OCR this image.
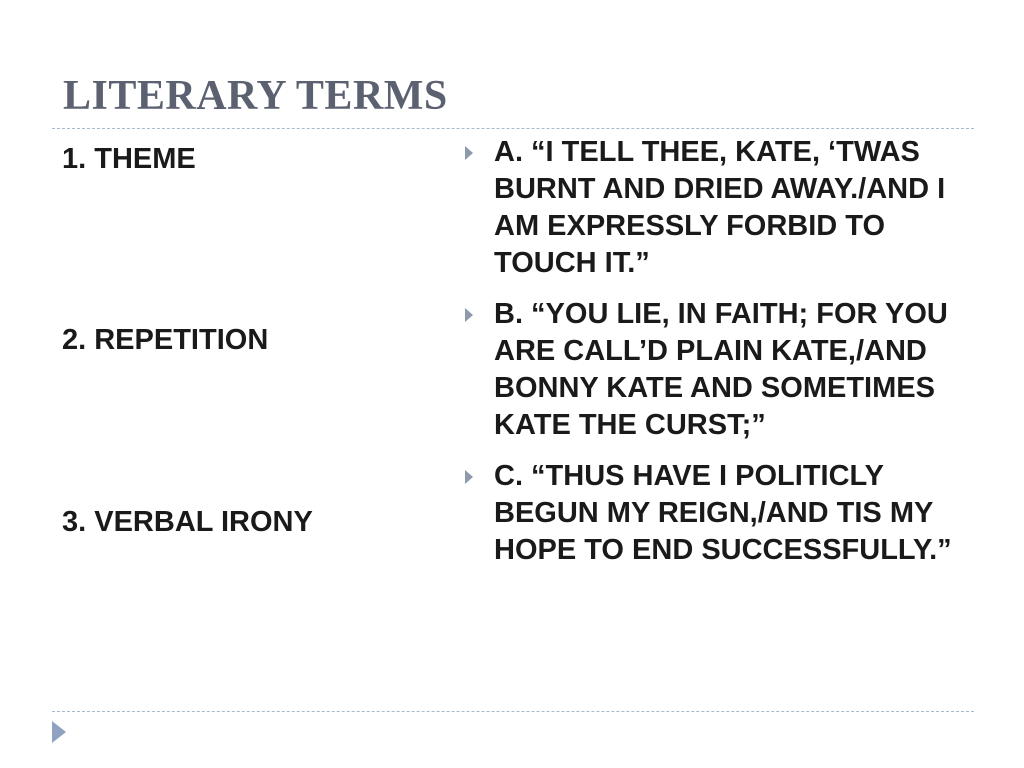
LITERARY TERMS
1. THEME
2. REPETITION
3. VERBAL IRONY
A. “I TELL THEE, KATE, ‘TWAS BURNT AND DRIED AWAY./AND I AM EXPRESSLY FORBID TO TOUCH IT.”
B. “YOU LIE, IN FAITH; FOR YOU ARE CALL’D PLAIN KATE,/AND BONNY KATE AND SOMETIMES KATE THE CURST;”
C. “THUS HAVE I POLITICLY BEGUN MY REIGN,/AND TIS MY HOPE TO END SUCCESSFULLY.”
